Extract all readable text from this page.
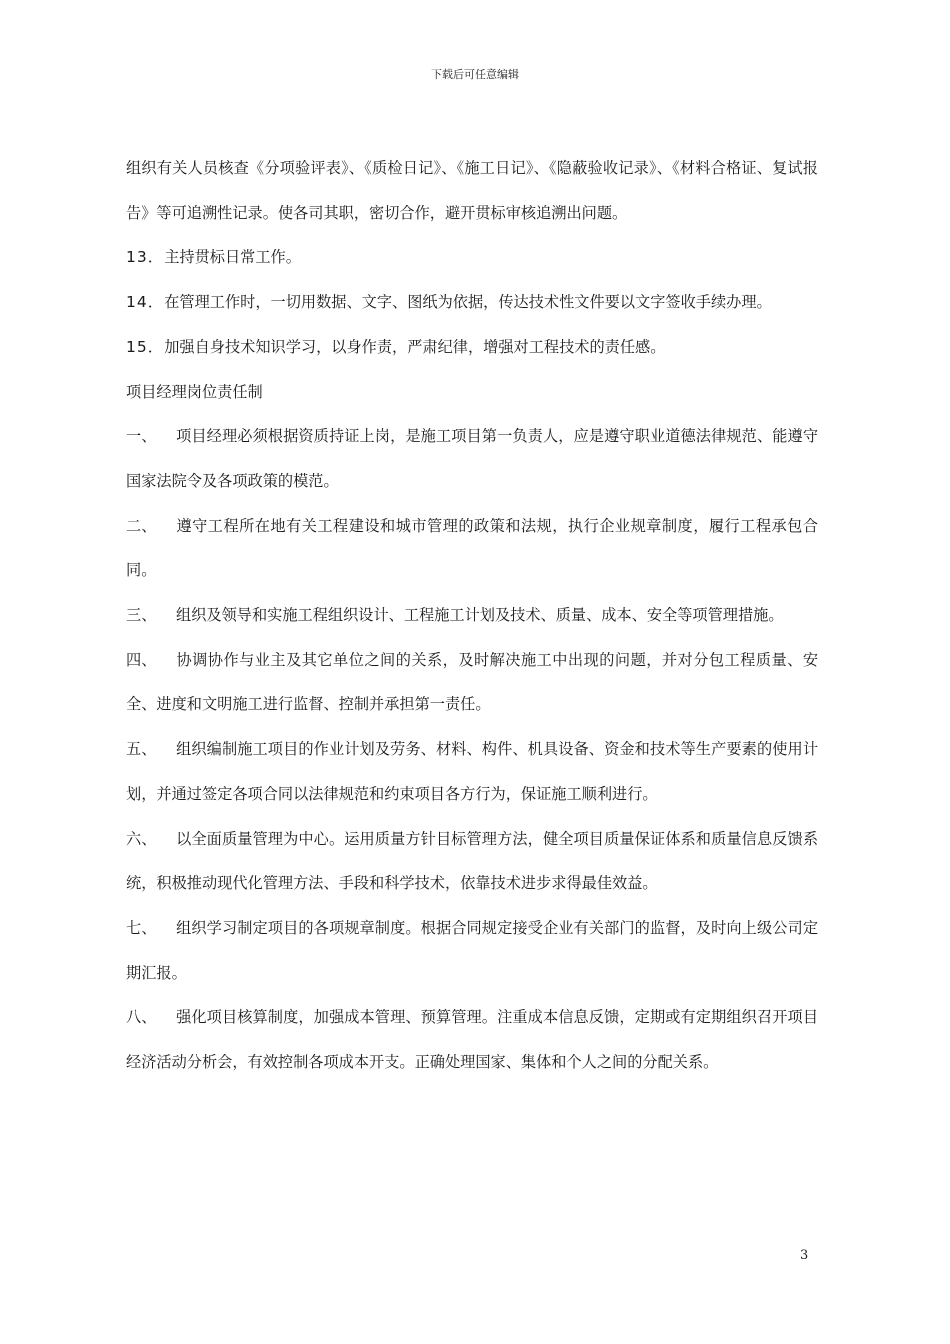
下载后可任意编辑

组织有关人员核查《分项验评表》、《质检日记》、《施工日记》、《隐蔽验收记录》、《材料合格证、复试报告》等可追溯性记录。使各司其职，密切合作，避开贯标审核追溯出问题。

13．主持贯标日常工作。

14．在管理工作时，一切用数据、文字、图纸为依据，传达技术性文件要以文字签收手续办理。

15．加强自身技术知识学习，以身作责，严肃纪律，增强对工程技术的责任感。

项目经理岗位责任制

一、 项目经理必须根据资质持证上岗，是施工项目第一负责人，应是遵守职业道德法律规范、能遵守国家法院令及各项政策的模范。

二、 遵守工程所在地有关工程建设和城市管理的政策和法规，执行企业规章制度，履行工程承包合同。

三、 组织及领导和实施工程组织设计、工程施工计划及技术、质量、成本、安全等项管理措施。

四、 协调协作与业主及其它单位之间的关系，及时解决施工中出现的问题，并对分包工程质量、安全、进度和文明施工进行监督、控制并承担第一责任。

五、 组织编制施工项目的作业计划及劳务、材料、构件、机具设备、资金和技术等生产要素的使用计划，并通过签定各项合同以法律规范和约束项目各方行为，保证施工顺利进行。

六、 以全面质量管理为中心。运用质量方针目标管理方法，健全项目质量保证体系和质量信息反馈系统，积极推动现代化管理方法、手段和科学技术，依靠技术进步求得最佳效益。

七、 组织学习制定项目的各项规章制度。根据合同规定接受企业有关部门的监督，及时向上级公司定期汇报。

八、 强化项目核算制度，加强成本管理、预算管理。注重成本信息反馈，定期或有定期组织召开项目经济活动分析会，有效控制各项成本开支。正确处理国家、集体和个人之间的分配关系。

3
